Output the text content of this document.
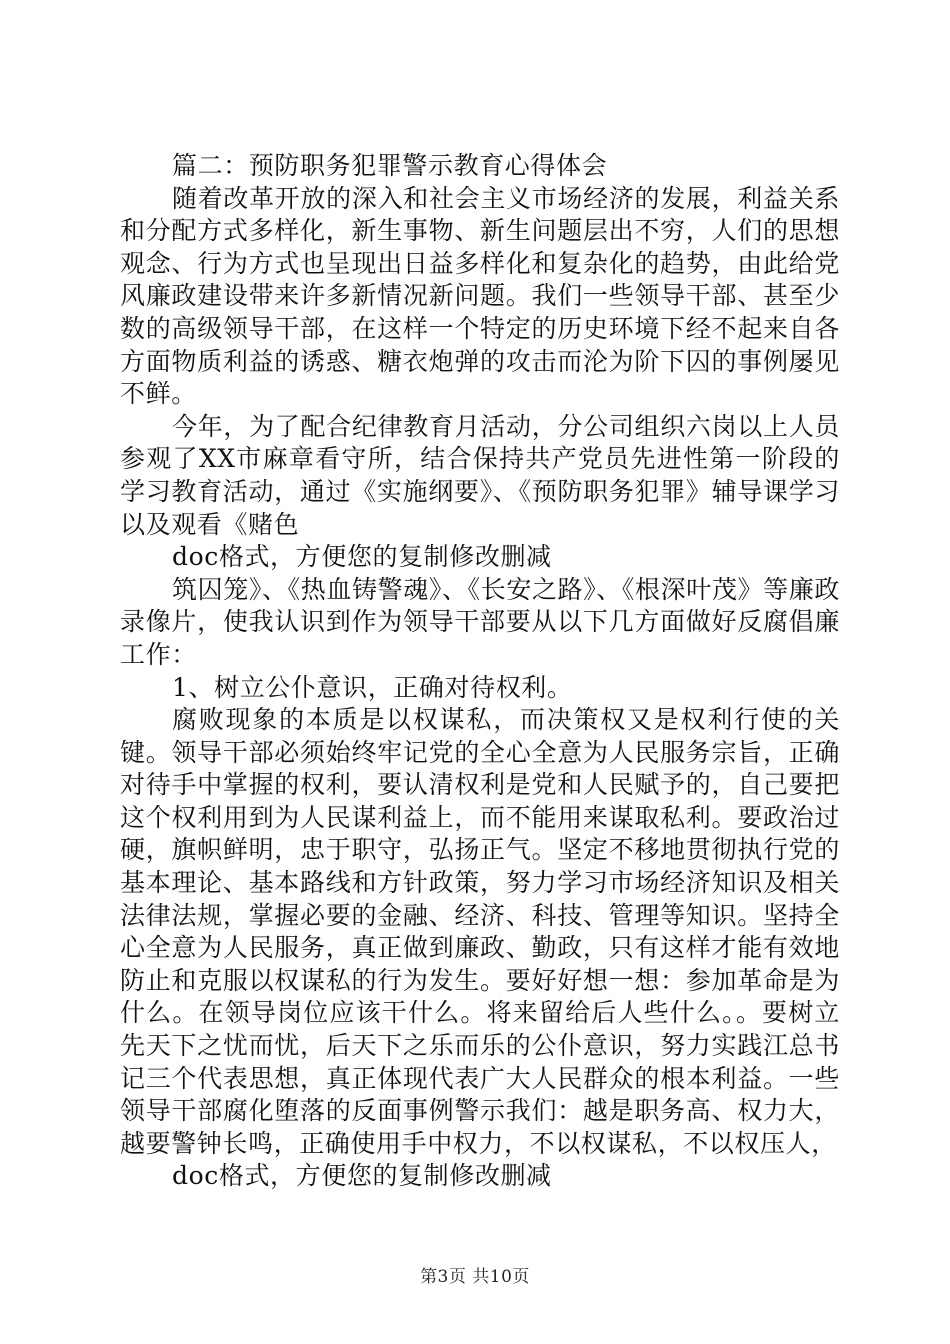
篇二：预防职务犯罪警示教育心得体会

随着改革开放的深入和社会主义市场经济的发展，利益关系和分配方式多样化，新生事物、新生问题层出不穷，人们的思想观念、行为方式也呈现出日益多样化和复杂化的趋势，由此给党风廉政建设带来许多新情况新问题。我们一些领导干部、甚至少数的高级领导干部，在这样一个特定的历史环境下经不起来自各方面物质利益的诱惑、糖衣炮弹的攻击而沦为阶下囚的事例屡见不鲜。

今年，为了配合纪律教育月活动，分公司组织六岗以上人员参观了XX市麻章看守所，结合保持共产党员先进性第一阶段的学习教育活动，通过《实施纲要》、《预防职务犯罪》辅导课学习以及观看《赌色

doc格式，方便您的复制修改删减

筑囚笼》、《热血铸警魂》、《长安之路》、《根深叶茂》等廉政录像片，使我认识到作为领导干部要从以下几方面做好反腐倡廉工作：

1、树立公仆意识，正确对待权利。

腐败现象的本质是以权谋私，而决策权又是权利行使的关键。领导干部必须始终牢记党的全心全意为人民服务宗旨，正确对待手中掌握的权利，要认清权利是党和人民赋予的，自己要把这个权利用到为人民谋利益上，而不能用来谋取私利。要政治过硬，旗帜鲜明，忠于职守，弘扬正气。坚定不移地贯彻执行党的基本理论、基本路线和方针政策，努力学习市场经济知识及相关法律法规，掌握必要的金融、经济、科技、管理等知识。坚持全心全意为人民服务，真正做到廉政、勤政，只有这样才能有效地防止和克服以权谋私的行为发生。要好好想一想：参加革命是为什么。在领导岗位应该干什么。将来留给后人些什么。。要树立先天下之忧而忧，后天下之乐而乐的公仆意识，努力实践江总书记三个代表思想，真正体现代表广大人民群众的根本利益。一些领导干部腐化堕落的反面事例警示我们：越是职务高、权力大，越要警钟长鸣，正确使用手中权力，不以权谋私，不以权压人，

doc格式，方便您的复制修改删减

第3页 共10页
